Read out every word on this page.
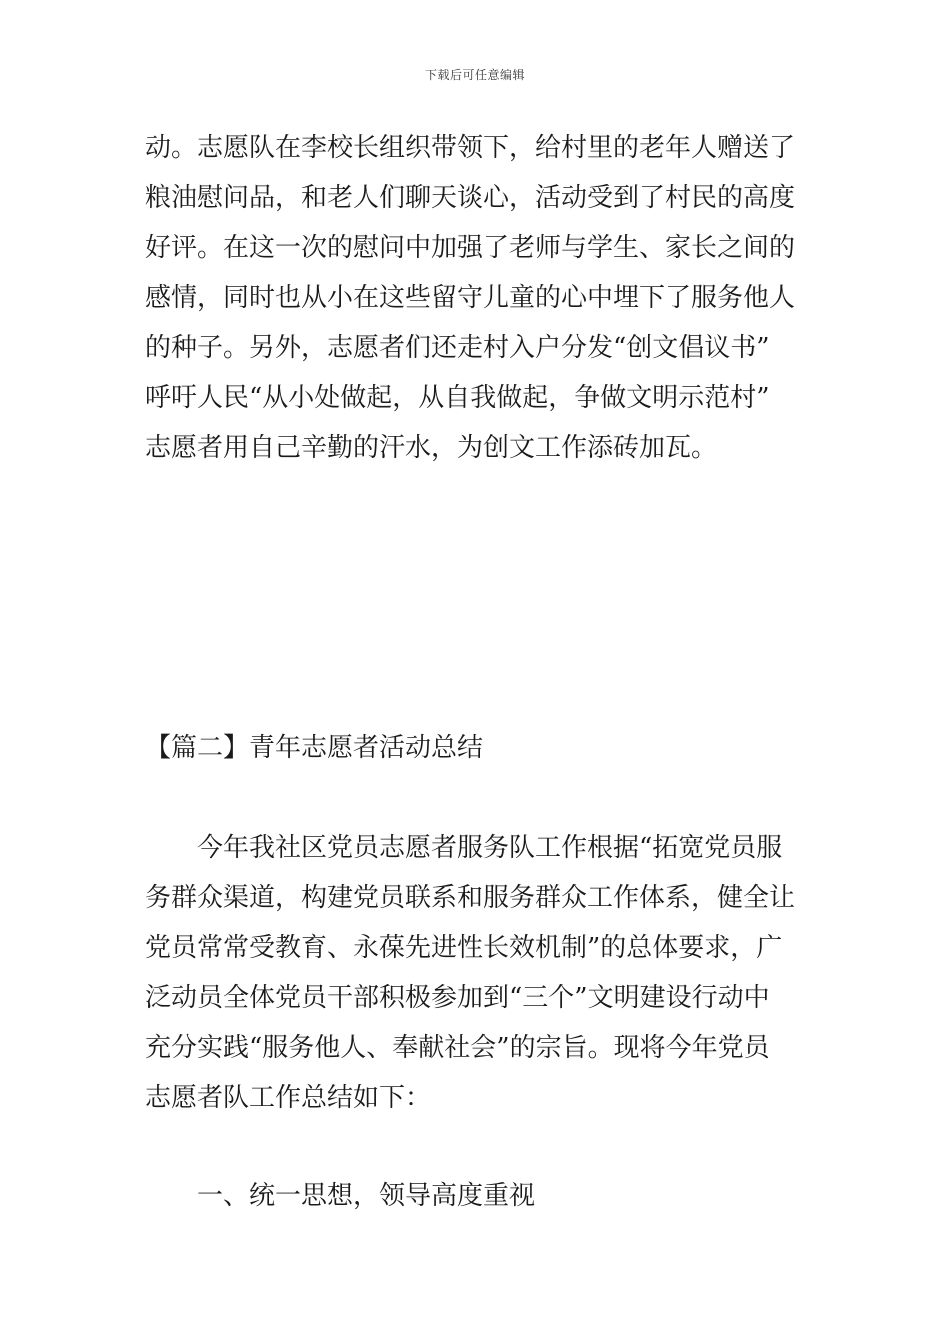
下载后可任意编辑
动。志愿队在李校长组织带领下，给村里的老年人赠送了
粮油慰问品，和老人们聊天谈心，活动受到了村民的高度
好评。在这一次的慰问中加强了老师与学生、家长之间的
感情，同时也从小在这些留守儿童的心中埋下了服务他人
的种子。另外，志愿者们还走村入户分发“创文倡议书”
呼吁人民“从小处做起，从自我做起，争做文明示范村”
志愿者用自己辛勤的汗水，为创文工作添砖加瓦。
【篇二】青年志愿者活动总结
今年我社区党员志愿者服务队工作根据“拓宽党员服
务群众渠道，构建党员联系和服务群众工作体系，健全让
党员常常受教育、永葆先进性长效机制”的总体要求，广
泛动员全体党员干部积极参加到“三个”文明建设行动中
充分实践“服务他人、奉献社会”的宗旨。现将今年党员
志愿者队工作总结如下：
一、统一思想，领导高度重视
